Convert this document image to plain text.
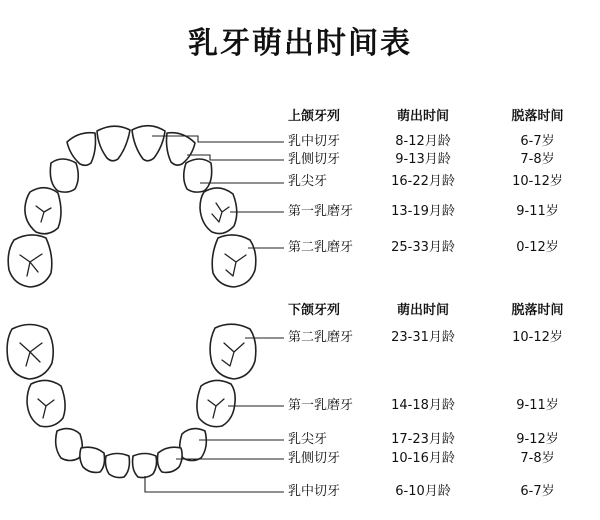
乳牙萌出时间表
上颌牙列	萌出时间	脱落时间
乳中切牙	8-12月龄	6-7岁
乳侧切牙	9-13月龄	7-8岁
乳尖牙	16-22月龄	10-12岁
第一乳磨牙	13-19月龄	9-11岁
第二乳磨牙	25-33月龄	0-12岁
下颌牙列	萌出时间	脱落时间
第二乳磨牙	23-31月龄	10-12岁
第一乳磨牙	14-18月龄	9-11岁
乳尖牙	17-23月龄	9-12岁
乳侧切牙	10-16月龄	7-8岁
乳中切牙	6-10月龄	6-7岁
